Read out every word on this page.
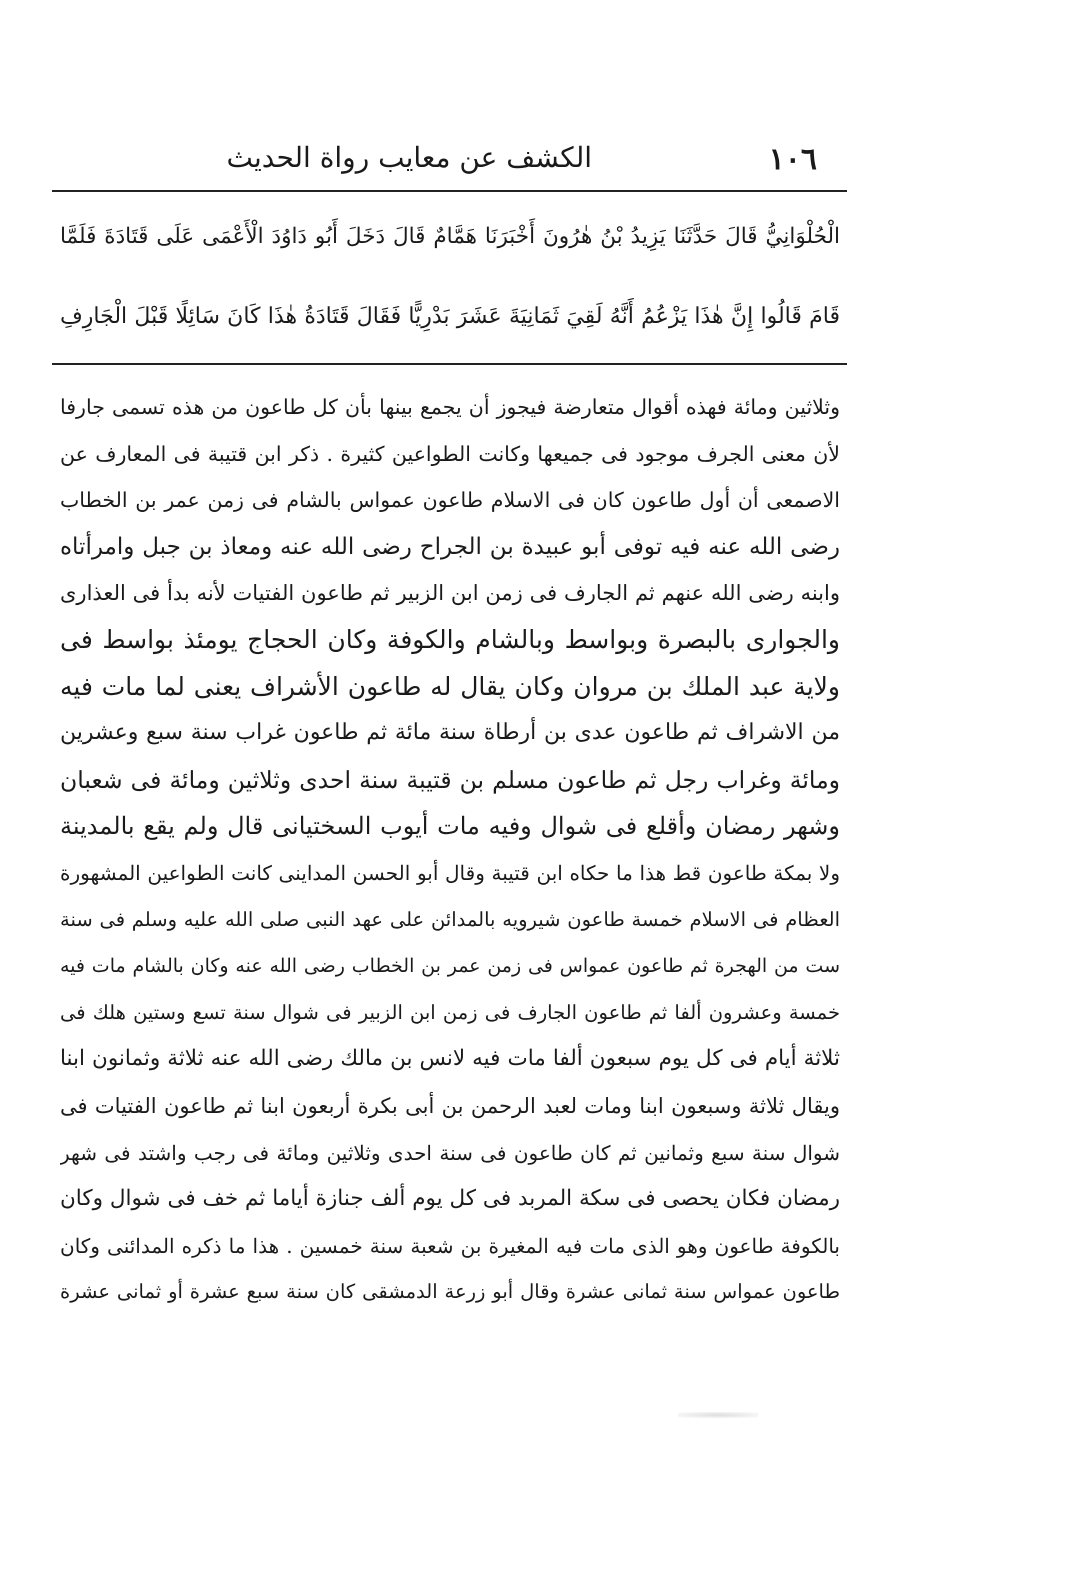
١٠٦
الكشف عن معايب رواة الحديث
الْحُلْوَانِيُّ قَالَ حَدَّثَنَا يَزِيدُ بْنُ هٰرُونَ أَخْبَرَنَا هَمَّامٌ قَالَ دَخَلَ أَبُو دَاوُدَ الْأَعْمَى عَلَى قَتَادَةَ فَلَمَّا
قَامَ قَالُوا إِنَّ هٰذَا يَزْعُمُ أَنَّهُ لَقِيَ ثَمَانِيَةَ عَشَرَ بَدْرِيًّا فَقَالَ قَتَادَةُ هٰذَا كَانَ سَائِلًا قَبْلَ الْجَارِفِ
وثلاثين ومائة فهذه أقوال متعارضة فيجوز أن يجمع بينها بأن كل طاعون من هذه تسمى جارفا
لأن معنى الجرف موجود فى جميعها وكانت الطواعين كثيرة . ذكر ابن قتيبة فى المعارف عن
الاصمعى أن أول طاعون كان فى الاسلام طاعون عمواس بالشام فى زمن عمر بن الخطاب
رضى الله عنه فيه توفى أبو عبيدة بن الجراح رضى الله عنه ومعاذ بن جبل وامرأتاه
وابنه رضى الله عنهم ثم الجارف فى زمن ابن الزبير ثم طاعون الفتيات لأنه بدأ فى العذارى
والجوارى بالبصرة وبواسط وبالشام والكوفة وكان الحجاج يومئذ بواسط فى
ولاية عبد الملك بن مروان وكان يقال له طاعون الأشراف يعنى لما مات فيه
من الاشراف ثم طاعون عدى بن أرطاة سنة مائة ثم طاعون غراب سنة سبع وعشرين
ومائة وغراب رجل ثم طاعون مسلم بن قتيبة سنة احدى وثلاثين ومائة فى شعبان
وشهر رمضان وأقلع فى شوال وفيه مات أيوب السختيانى قال ولم يقع بالمدينة
ولا بمكة طاعون قط هذا ما حكاه ابن قتيبة وقال أبو الحسن المداينى كانت الطواعين المشهورة
العظام فى الاسلام خمسة طاعون شيرويه بالمدائن على عهد النبى صلى الله عليه وسلم فى سنة
ست من الهجرة ثم طاعون عمواس فى زمن عمر بن الخطاب رضى الله عنه وكان بالشام مات فيه
خمسة وعشرون ألفا ثم طاعون الجارف فى زمن ابن الزبير فى شوال سنة تسع وستين هلك فى
ثلاثة أيام فى كل يوم سبعون ألفا مات فيه لانس بن مالك رضى الله عنه ثلاثة وثمانون ابنا
ويقال ثلاثة وسبعون ابنا ومات لعبد الرحمن بن أبى بكرة أربعون ابنا ثم طاعون الفتيات فى
شوال سنة سبع وثمانين ثم كان طاعون فى سنة احدى وثلاثين ومائة فى رجب واشتد فى شهر
رمضان فكان يحصى فى سكة المربد فى كل يوم ألف جنازة أياما ثم خف فى شوال وكان
بالكوفة طاعون وهو الذى مات فيه المغيرة بن شعبة سنة خمسين . هذا ما ذكره المدائنى وكان
طاعون عمواس سنة ثمانى عشرة وقال أبو زرعة الدمشقى كان سنة سبع عشرة أو ثمانى عشرة
